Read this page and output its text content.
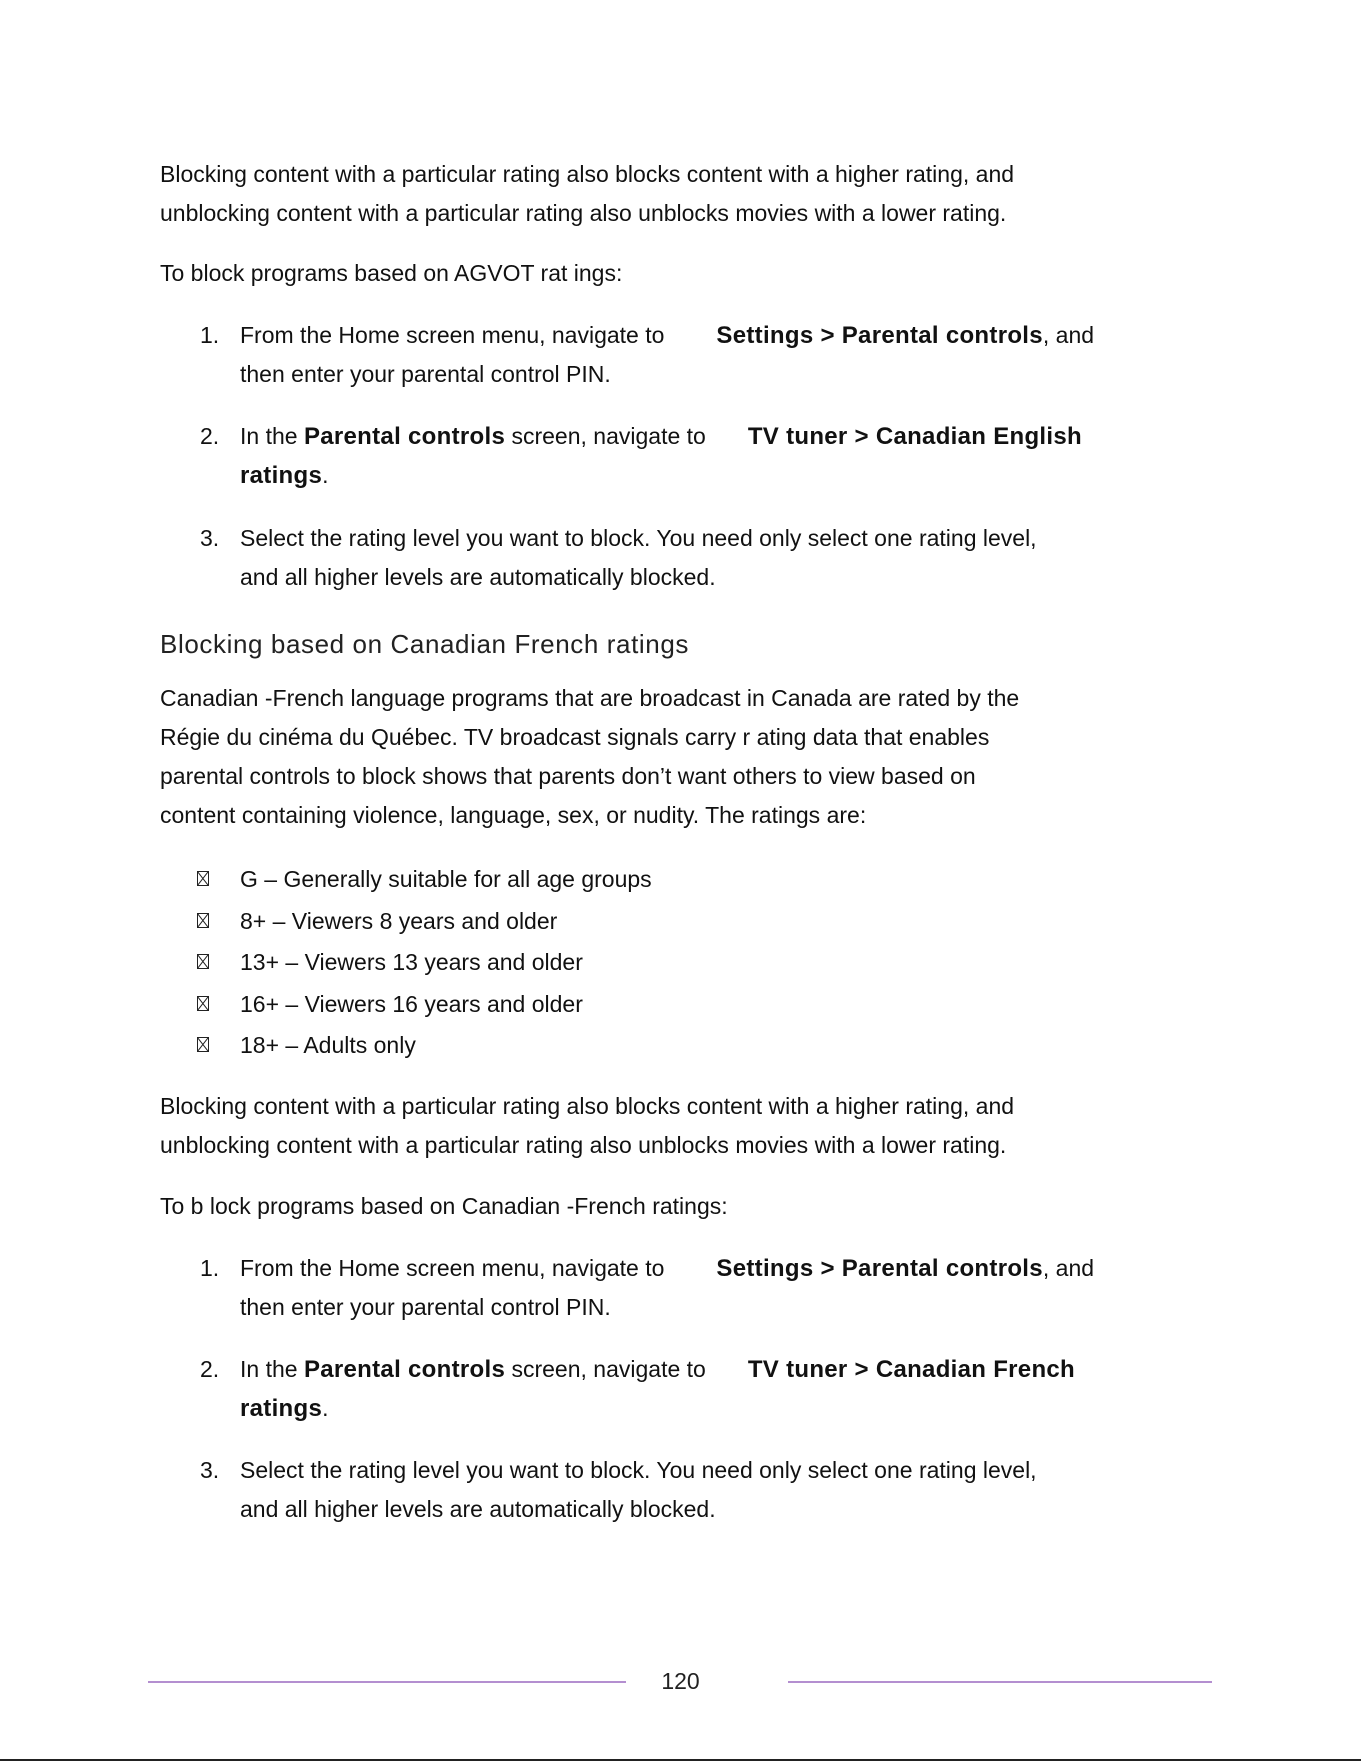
Blocking content with a particular rating also blocks content with a higher rating, and
unblocking content with a particular rating also unblocks movies with a lower rating.

To block programs based on AGVOT rat ings:

1. From the Home screen menu, navigate to Settings > Parental controls, and
then enter your parental control PIN.
2. In the Parental controls screen, navigate to TV tuner > Canadian English
ratings.
3. Select the rating level you want to block. You need only select one rating level,
and all higher levels are automatically blocked.
Blocking based on Canadian French ratings

Canadian -French language programs that are broadcast in Canada are rated by the
Régie du cinéma du Québec. TV broadcast signals carry r ating data that enables
parental controls to block shows that parents don’t want others to view based on
content containing violence, language, sex, or nudity. The ratings are:

G – Generally suitable for all age groups
8+ – Viewers 8 years and older
13+ – Viewers 13 years and older
16+ – Viewers 16 years and older
18+ – Adults only

Blocking content with a particular rating also blocks content with a higher rating, and
unblocking content with a particular rating also unblocks movies with a lower rating.

To b lock programs based on Canadian -French ratings:

1. From the Home screen menu, navigate to Settings > Parental controls, and
then enter your parental control PIN.
2. In the Parental controls screen, navigate to TV tuner > Canadian French
ratings.
3. Select the rating level you want to block. You need only select one rating level,
and all higher levels are automatically blocked.
120
